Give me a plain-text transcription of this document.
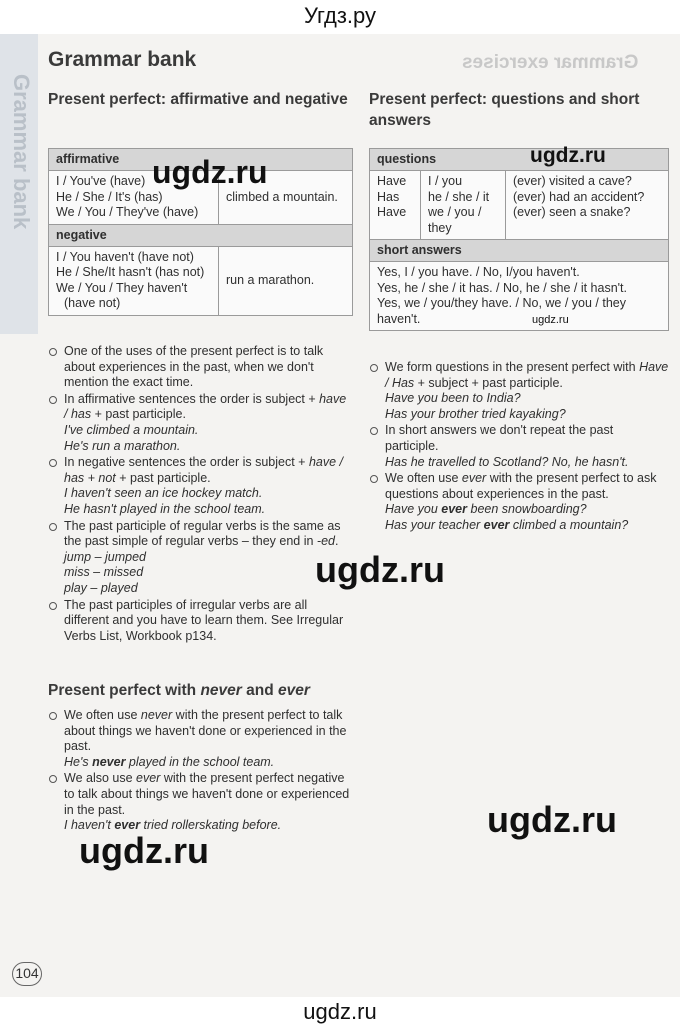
Угдз.ру
Grammar bank
Grammar exercises
Grammar bank
Present perfect: affirmative and negative
affirmative
I / You've (have)
He / She / It's (has)
We / You / They've (have)
climbed a mountain.
negative
I / You haven't (have not)
He / She/It hasn't (has not)
We / You / They haven't
(have not)
run a marathon.
One of the uses of the present perfect is to talk about experiences in the past, when we don't mention the exact time.
In affirmative sentences the order is subject + have / has + past participle.
I've climbed a mountain.
He's run a marathon.
In negative sentences the order is subject + have / has + not + past participle.
I haven't seen an ice hockey match.
He hasn't played in the school team.
The past participle of regular verbs is the same as the past simple of regular verbs – they end in -ed.
jump – jumped
miss – missed
play – played
The past participles of irregular verbs are all different and you have to learn them. See Irregular Verbs List, Workbook p134.
Present perfect with never and ever
We often use never with the present perfect to talk about things we haven't done or experienced in the past.
He's never played in the school team.
We also use ever with the present perfect negative to talk about things we haven't done or experienced in the past.
I haven't ever tried rollerskating before.
Present perfect: questions and short answers
questions
Have
Has
Have
I / you
he / she / it
we / you /
they
(ever) visited a cave?
(ever) had an accident?
(ever) seen a snake?
short answers
Yes, I / you have. / No, I/you haven't.
Yes, he / she / it has. / No, he / she / it hasn't.
Yes, we / you/they have. / No, we / you / they haven't.
We form questions in the present perfect with Have / Has + subject + past participle.
Have you been to India?
Has your brother tried kayaking?
In short answers we don't repeat the past participle.
Has he travelled to Scotland? No, he hasn't.
We often use ever with the present perfect to ask questions about experiences in the past.
Have you ever been snowboarding?
Has your teacher ever climbed a mountain?
ugdz.ru	ugdz.ru
ugdz.ru
ugdz.ru
ugdz.ru
ugdz.ru
104
ugdz.ru
